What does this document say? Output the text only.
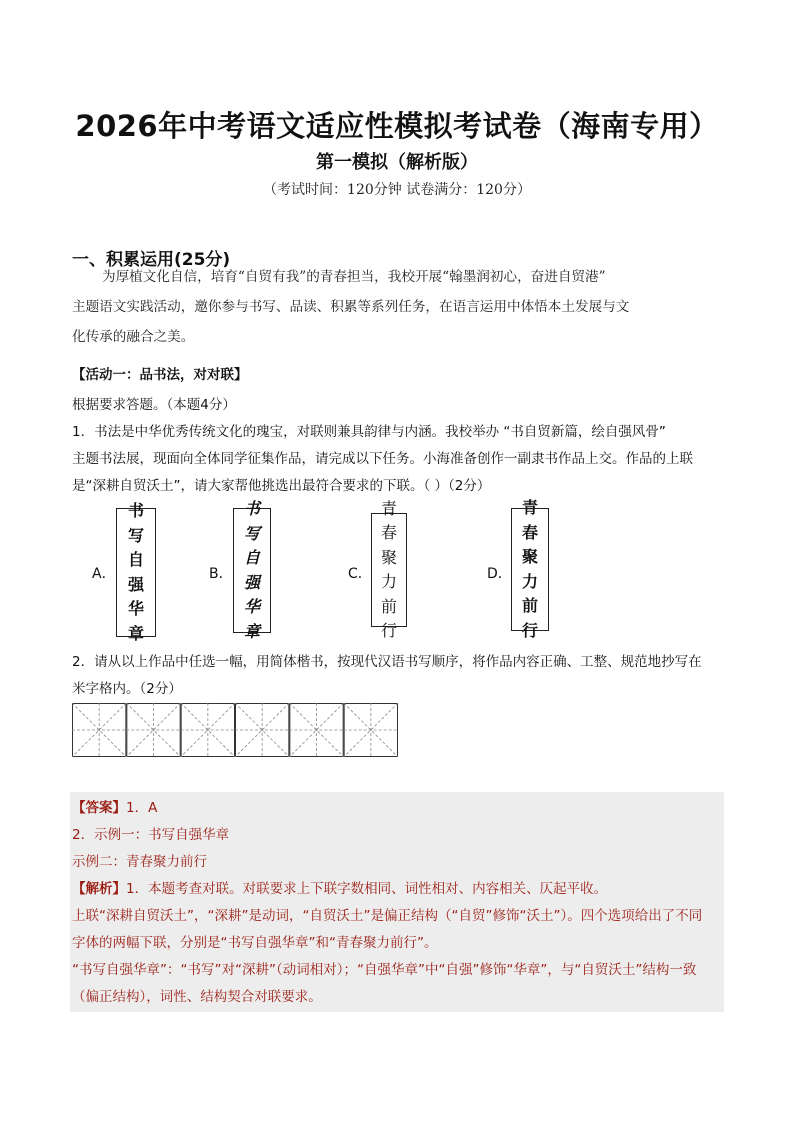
2026年中考语文适应性模拟考试卷（海南专用）
第一模拟（解析版）
（考试时间：120分钟 试卷满分：120分）
一、积累运用(25分)
为厚植文化自信，培育“自贸有我”的青春担当，我校开展“翰墨润初心，奋进自贸港”
主题语文实践活动，邀你参与书写、品读、积累等系列任务，在语言运用中体悟本土发展与文
化传承的融合之美。
【活动一：品书法，对对联】
根据要求答题。（本题4分）
1．书法是中华优秀传统文化的瑰宝，对联则兼具韵律与内涵。我校举办 “书自贸新篇，绘自强风骨”
主题书法展，现面向全体同学征集作品，请完成以下任务。小海准备创作一副隶书作品上交。作品的上联
是“深耕自贸沃土”，请大家帮他挑选出最符合要求的下联。（ ）（2分）
A．
书
写
自
强
华
章
B．
书
写
自
强
华
章
C．
青
春
聚
力
前
行
D．
青
春
聚
力
前
行
2．请从以上作品中任选一幅，用简体楷书，按现代汉语书写顺序，将作品内容正确、工整、规范地抄写在
米字格内。（2分）
【答案】1．A
2．示例一：书写自强华章
示例二：青春聚力前行
【解析】1．本题考查对联。对联要求上下联字数相同、词性相对、内容相关、仄起平收。
上联“深耕自贸沃土”，“深耕”是动词，“自贸沃土”是偏正结构（“自贸”修饰“沃土”）。四个选项给出了不同
字体的两幅下联，分别是“书写自强华章”和“青春聚力前行”。
“书写自强华章”：“书写”对“深耕”（动词相对）；“自强华章”中“自强”修饰“华章”，与“自贸沃土”结构一致
（偏正结构），词性、结构契合对联要求。
